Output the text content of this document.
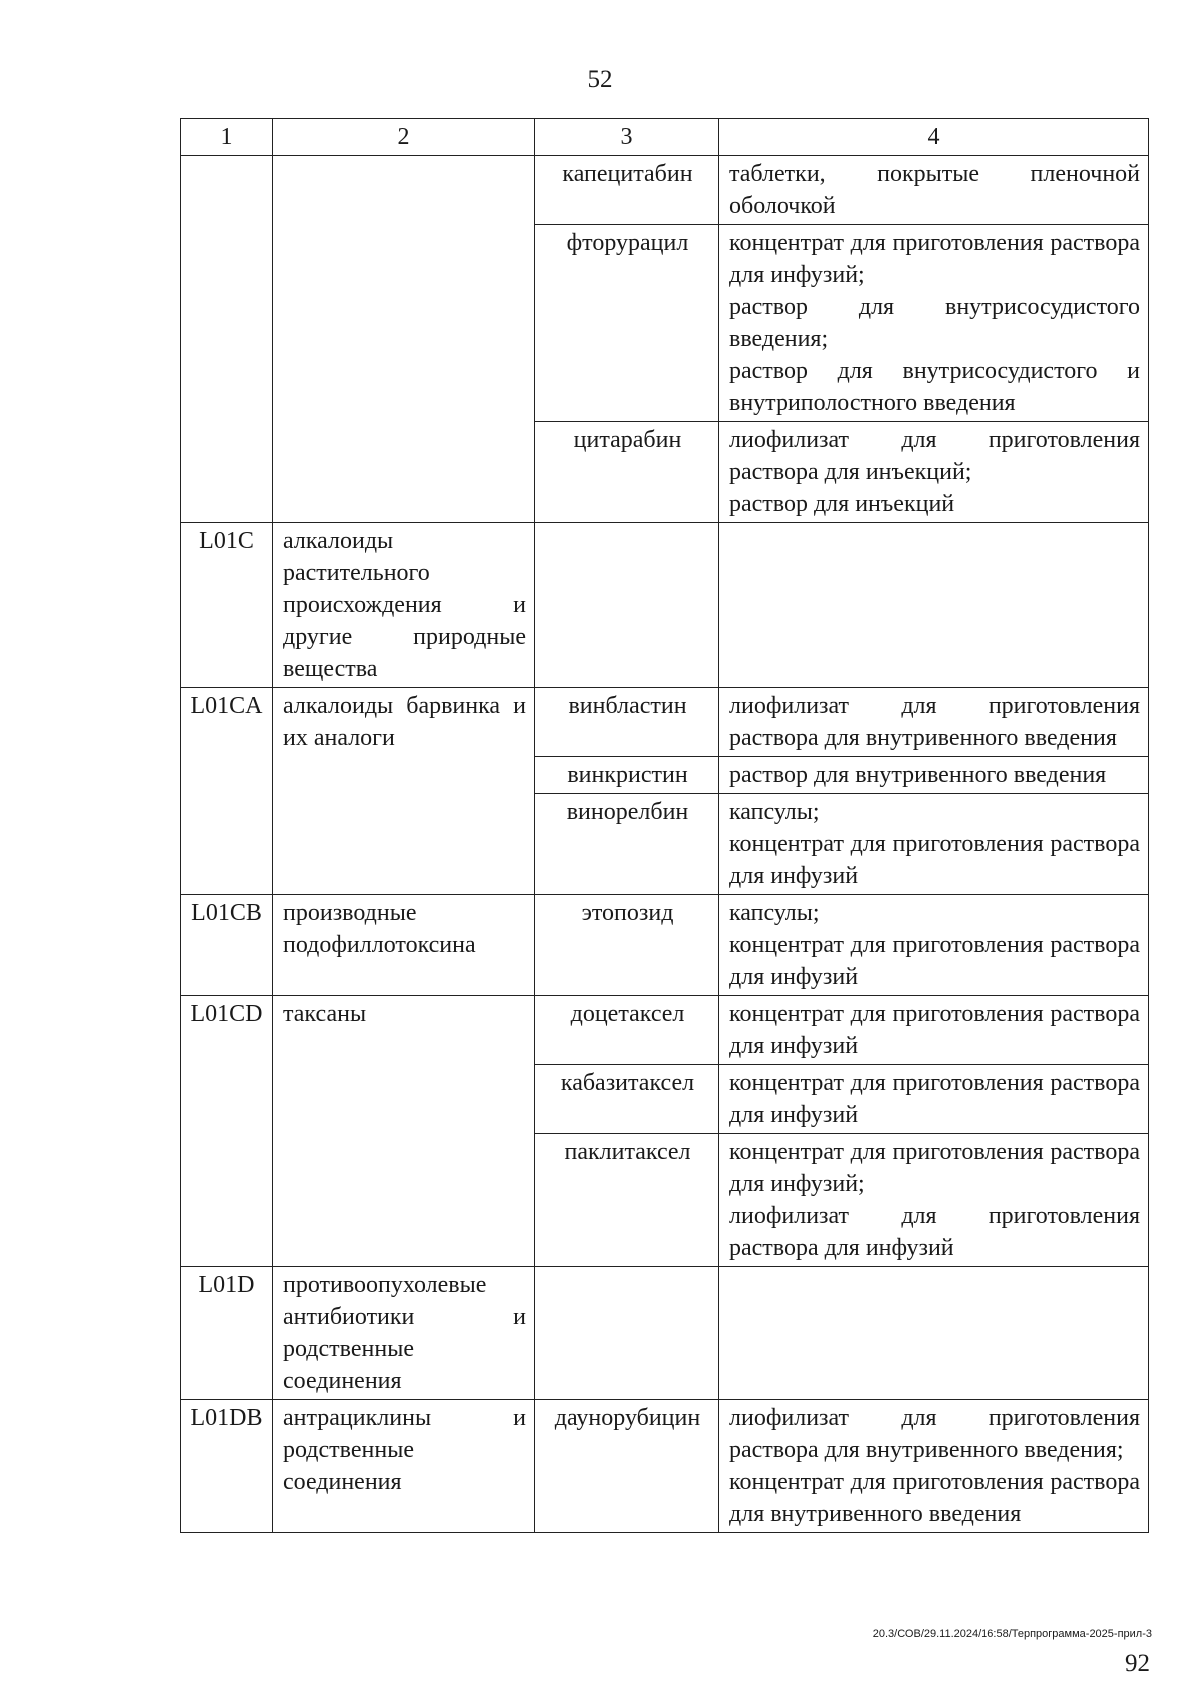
52
1	2	3	4
		капецитабин	таблетки, покрытые пленочной оболочкой

		фторурацил	концентрат для приготовления раствора для инфузий;
раствор для внутрисосудистого введения;
раствор для внутрисосудистого и внутриполостного введения

		цитарабин	лиофилизат для приготовления раствора для инъекций;
раствор для инъекций

L01C	алкалоиды растительного происхождения и другие природные вещества		
L01CA	алкалоиды барвинка и их аналоги	винбластин	лиофилизат для приготовления раствора для внутривенного введения

		винкристин	раствор для внутривенного введения

		винорелбин	капсулы;
концентрат для приготовления раствора для инфузий

L01CB	производные подофиллотоксина	этопозид	капсулы;
концентрат для приготовления раствора для инфузий

L01CD	таксаны	доцетаксел	концентрат для приготовления раствора для инфузий

		кабазитаксел	концентрат для приготовления раствора для инфузий

		паклитаксел	концентрат для приготовления раствора для инфузий;
лиофилизат для приготовления раствора для инфузий

L01D	противоопухолевые антибиотики и родственные соединения		
L01DB	антрациклины и родственные соединения	даунорубицин	лиофилизат для приготовления раствора для внутривенного введения;
концентрат для приготовления раствора для внутривенного введения
20.3/СОВ/29.11.2024/16:58/Терпрограмма-2025-прил-3
92
